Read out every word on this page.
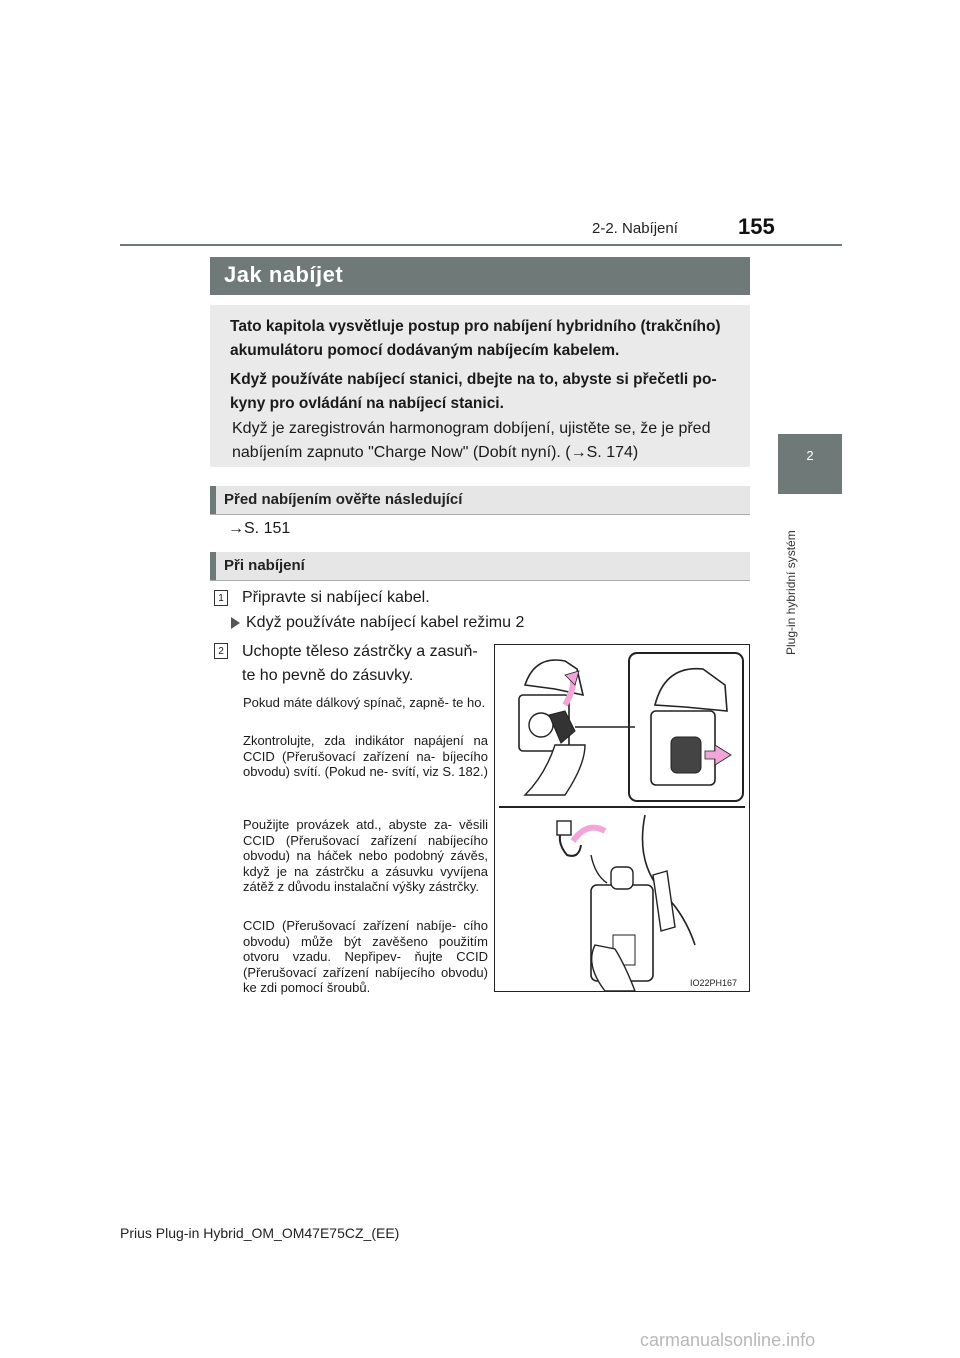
2-2. Nabíjení	155
2
Plug-in hybridní systém
Jak nabíjet
Tato kapitola vysvětluje postup pro nabíjení hybridního (trakčního)
akumulátoru pomocí dodávaným nabíjecím kabelem.
Když používáte nabíjecí stanici, dbejte na to, abyste si přečetli po-
kyny pro ovládání na nabíjecí stanici.
Když je zaregistrován harmonogram dobíjení, ujistěte se, že je před
nabíjením zapnuto "Charge Now" (Dobít nyní). (→S. 174)
Před nabíjením ověřte následující
→S. 151
Při nabíjení
1 Připravte si nabíjecí kabel.
Když používáte nabíjecí kabel režimu 2
2 Uchopte těleso zástrčky a zasuň-
te ho pevně do zásuvky.
Pokud máte dálkový spínač, zapně- te ho.
Zkontrolujte, zda indikátor napájení na CCID (Přerušovací zařízení na- bíjecího obvodu) svítí. (Pokud ne- svítí, viz S. 182.)
Použijte provázek atd., abyste za- věsili CCID (Přerušovací zařízení nabíjecího obvodu) na háček nebo podobný závěs, když je na zástrčku a zásuvku vyvíjena zátěž z důvodu instalační výšky zástrčky.
CCID (Přerušovací zařízení nabíje- cího obvodu) může být zavěšeno použitím otvoru vzadu. Nepřipev- ňujte CCID (Přerušovací zařízení nabíjecího obvodu) ke zdi pomocí šroubů.	IO22PH167
Prius Plug-in Hybrid_OM_OM47E75CZ_(EE)
carmanualsonline.info
